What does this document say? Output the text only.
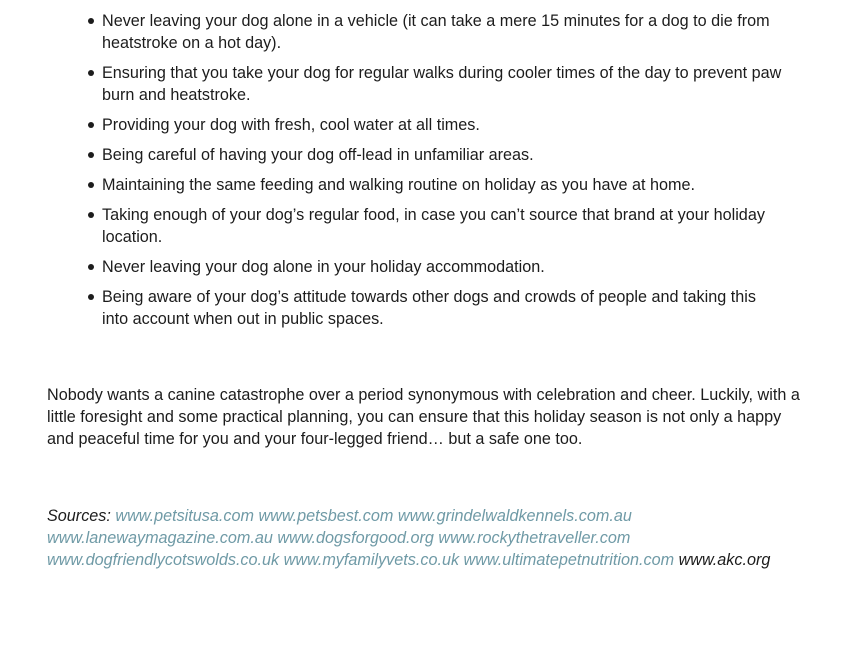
Never leaving your dog alone in a vehicle (it can take a mere 15 minutes for a dog to die from heatstroke on a hot day).
Ensuring that you take your dog for regular walks during cooler times of the day to prevent paw burn and heatstroke.
Providing your dog with fresh, cool water at all times.
Being careful of having your dog off-lead in unfamiliar areas.
Maintaining the same feeding and walking routine on holiday as you have at home.
Taking enough of your dog’s regular food, in case you can’t source that brand at your holiday location.
Never leaving your dog alone in your holiday accommodation.
Being aware of your dog’s attitude towards other dogs and crowds of people and taking this into account when out in public spaces.

Nobody wants a canine catastrophe over a period synonymous with celebration and cheer. Luckily, with a little foresight and some practical planning, you can ensure that this holiday season is not only a happy and peaceful time for you and your four-legged friend… but a safe one too.

Sources: www.petsitusa.com www.petsbest.com www.grindelwaldkennels.com.au www.lanewaymagazine.com.au www.dogsforgood.org www.rockythetraveller.com www.dogfriendlycotswolds.co.uk www.myfamilyvets.co.uk www.ultimatepetnutrition.com www.akc.org
